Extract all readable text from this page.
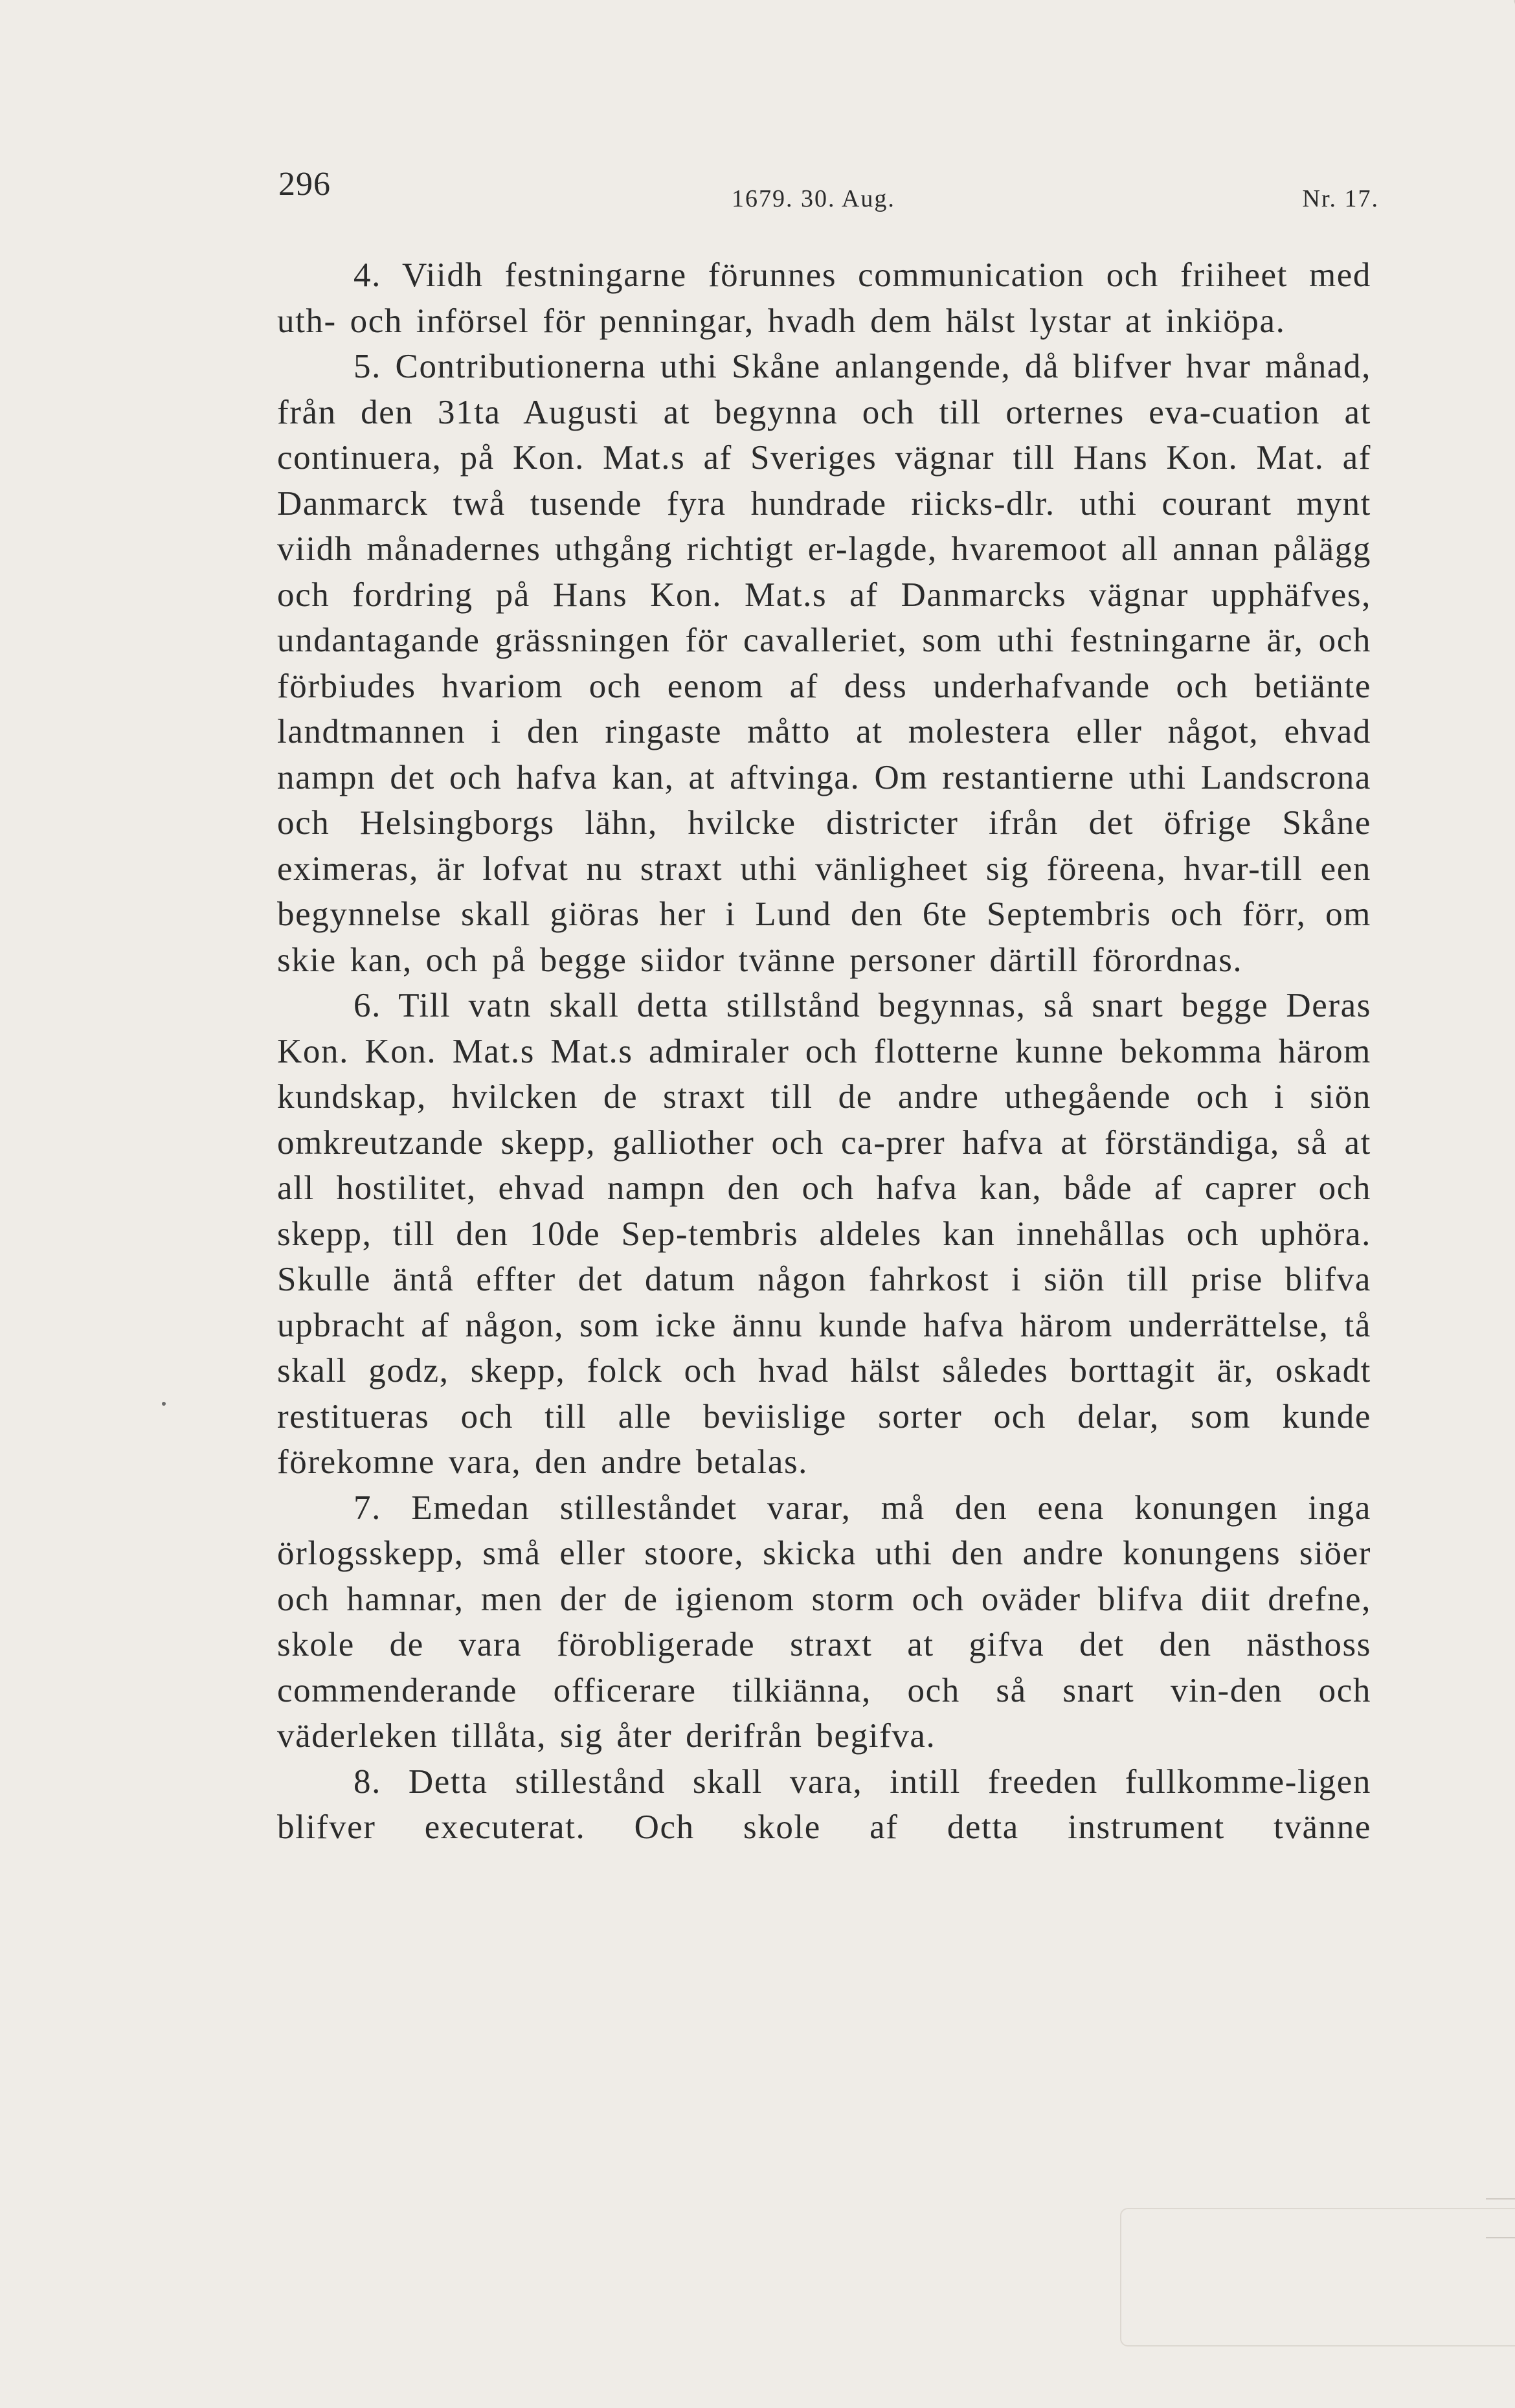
296	1679. 30. Aug.	Nr. 17.

4. Viidh festningarne förunnes communication och friiheet med uth- och införsel för penningar, hvadh dem hälst lystar at inkiöpa.

5. Contributionerna uthi Skåne anlangende, då blifver hvar månad, från den 31ta Augusti at begynna och till orternes eva-cuation at continuera, på Kon. Mat.s af Sveriges vägnar till Hans Kon. Mat. af Danmarck twå tusende fyra hundrade riicks-dlr. uthi courant mynt viidh månadernes uthgång richtigt er-lagde, hvaremoot all annan pålägg och fordring på Hans Kon. Mat.s af Danmarcks vägnar upphäfves, undantagande grässningen för cavalleriet, som uthi festningarne är, och förbiudes hvariom och eenom af dess underhafvande och betiänte landtmannen i den ringaste måtto at molestera eller något, ehvad nampn det och hafva kan, at aftvinga. Om restantierne uthi Landscrona och Helsingborgs lähn, hvilcke districter ifrån det öfrige Skåne eximeras, är lofvat nu straxt uthi vänligheet sig föreena, hvar-till een begynnelse skall giöras her i Lund den 6te Septembris och förr, om skie kan, och på begge siidor tvänne personer därtill förordnas.

6. Till vatn skall detta stillstånd begynnas, så snart begge Deras Kon. Kon. Mat.s Mat.s admiraler och flotterne kunne bekomma härom kundskap, hvilcken de straxt till de andre uthegående och i siön omkreutzande skepp, galliother och ca-prer hafva at förständiga, så at all hostilitet, ehvad nampn den och hafva kan, både af caprer och skepp, till den 10de Sep-tembris aldeles kan innehållas och uphöra. Skulle äntå effter det datum någon fahrkost i siön till prise blifva upbracht af någon, som icke ännu kunde hafva härom underrättelse, tå skall godz, skepp, folck och hvad hälst således borttagit är, oskadt restitueras och till alle beviislige sorter och delar, som kunde förekomne vara, den andre betalas.

7. Emedan stilleståndet varar, må den eena konungen inga örlogsskepp, små eller stoore, skicka uthi den andre konungens siöer och hamnar, men der de igienom storm och oväder blifva diit drefne, skole de vara förobligerade straxt at gifva det den nästhoss commenderande officerare tilkiänna, och så snart vin-den och väderleken tillåta, sig åter derifrån begifva.

8. Detta stillestånd skall vara, intill freeden fullkomme-ligen blifver executerat. Och skole af detta instrument tvänne
